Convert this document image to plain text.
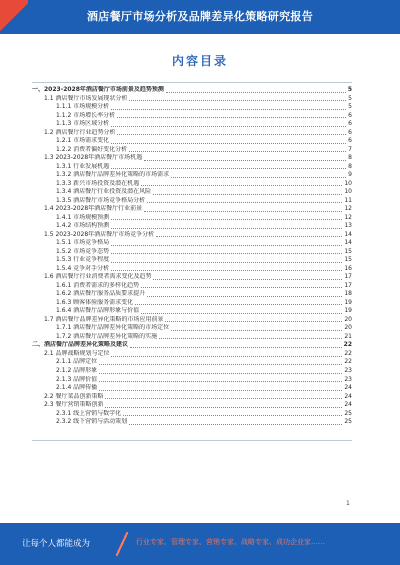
酒店餐厅市场分析及品牌差异化策略研究报告
内容目录
一、2023-2028年酒店餐厅市场前景及趋势预测	5
1.1 酒店餐厅市场发展现状分析	5
1.1.1 市场规模分析	5
1.1.2 市场增长率分析	6
1.1.3 市场区域分析	6
1.2 酒店餐厅行业趋势分析	6
1.2.1 市场需求变化	6
1.2.2 消费者偏好变化分析	7
1.3 2023-2028年酒店餐厅市场机遇	8
1.3.1 行业发展机遇	8
1.3.2 酒店餐厅品牌差异化策略的市场需求	9
1.3.3 新兴市场投资及潜在机遇	10
1.3.4 酒店餐厅行业投资及潜在风险	10
1.3.5 酒店餐厅市场竞争格局分析	11
1.4 2023-2028年酒店餐厅行业前景	12
1.4.1 市场规模预测	12
1.4.2 市场结构预测	13
1.5 2023-2028年酒店餐厅市场竞争分析	14
1.5.1 市场竞争格局	14
1.5.2 市场竞争态势	15
1.5.3 行业竞争程度	15
1.5.4 竞争对手分析	16
1.6 酒店餐厅行业消费者需求变化及趋势	17
1.6.1 消费者需求的多样化趋势	17
1.6.2 酒店餐厅服务品质要求提升	18
1.6.3 顾客体验服务需求变化	19
1.6.4 酒店餐厅品牌形象与价值	19
1.7 酒店餐厅品牌差异化策略的市场应用前景	20
1.7.1 酒店餐厅品牌差异化策略的市场定位	20
1.7.2 酒店餐厅品牌差异化策略的实施	21
二、酒店餐厅品牌差异化策略及建议	22
2.1 品牌战略规划与定位	22
2.1.1 品牌定位	22
2.1.2 品牌形象	23
2.1.3 品牌价值	23
2.1.4 品牌传播	24
2.2 餐厅菜品创新策略	24
2.3 餐厅营销策略创新	24
2.3.1 线上营销与数字化	25
2.3.2 线下营销与活动策划	25
1
让每个人都能成为	行业专家、管理专家、营销专家、战略专家、成功企业家……
